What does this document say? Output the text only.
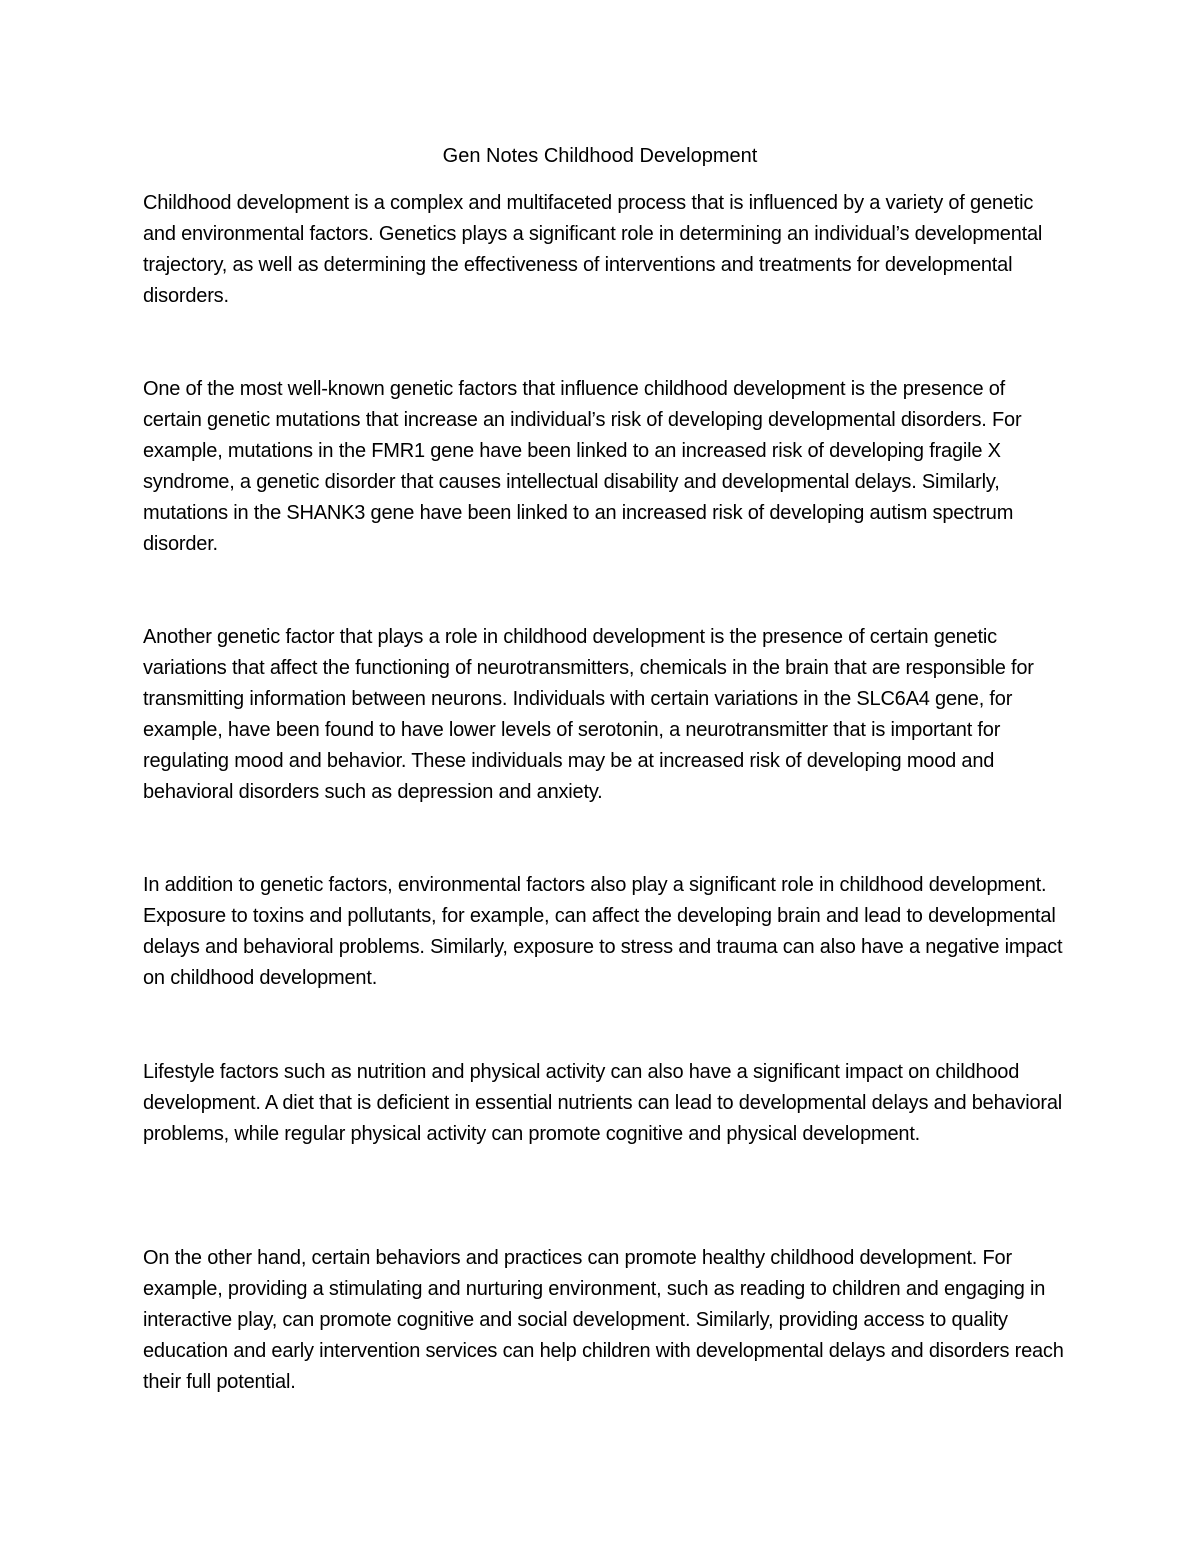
Gen Notes Childhood Development

Childhood development is a complex and multifaceted process that is influenced by a variety of genetic and environmental factors. Genetics plays a significant role in determining an individual’s developmental trajectory, as well as determining the effectiveness of interventions and treatments for developmental disorders.

One of the most well-known genetic factors that influence childhood development is the presence of certain genetic mutations that increase an individual’s risk of developing developmental disorders. For example, mutations in the FMR1 gene have been linked to an increased risk of developing fragile X syndrome, a genetic disorder that causes intellectual disability and developmental delays. Similarly, mutations in the SHANK3 gene have been linked to an increased risk of developing autism spectrum disorder.

Another genetic factor that plays a role in childhood development is the presence of certain genetic variations that affect the functioning of neurotransmitters, chemicals in the brain that are responsible for transmitting information between neurons. Individuals with certain variations in the SLC6A4 gene, for example, have been found to have lower levels of serotonin, a neurotransmitter that is important for regulating mood and behavior. These individuals may be at increased risk of developing mood and behavioral disorders such as depression and anxiety.

In addition to genetic factors, environmental factors also play a significant role in childhood development. Exposure to toxins and pollutants, for example, can affect the developing brain and lead to developmental delays and behavioral problems. Similarly, exposure to stress and trauma can also have a negative impact on childhood development.

Lifestyle factors such as nutrition and physical activity can also have a significant impact on childhood development. A diet that is deficient in essential nutrients can lead to developmental delays and behavioral problems, while regular physical activity can promote cognitive and physical development.

On the other hand, certain behaviors and practices can promote healthy childhood development. For example, providing a stimulating and nurturing environment, such as reading to children and engaging in interactive play, can promote cognitive and social development. Similarly, providing access to quality education and early intervention services can help children with developmental delays and disorders reach their full potential.
